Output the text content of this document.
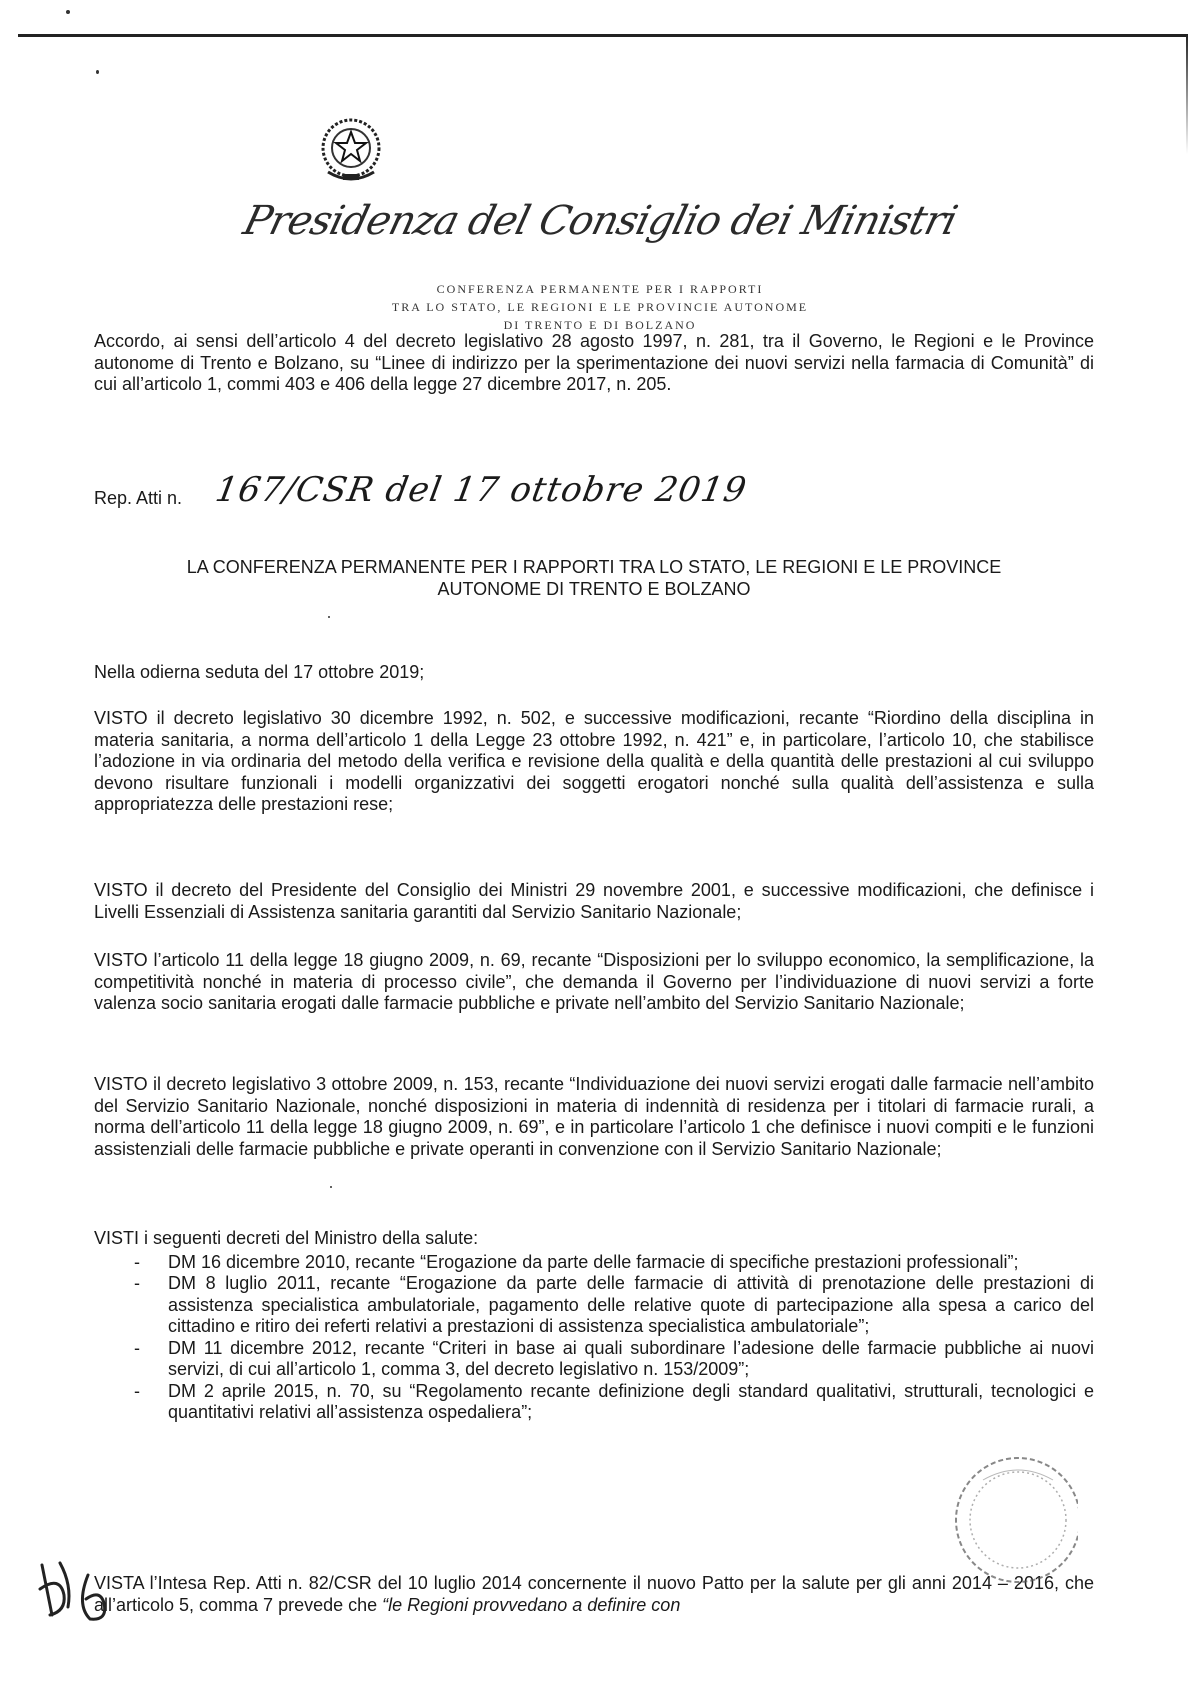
Presidenza del Consiglio dei Ministri
CONFERENZA PERMANENTE PER I RAPPORTI
TRA LO STATO, LE REGIONI E LE PROVINCIE AUTONOME
DI TRENTO E DI BOLZANO
Accordo, ai sensi dell’articolo 4 del decreto legislativo 28 agosto 1997, n. 281, tra il Governo, le Regioni e le Province autonome di Trento e Bolzano, su “Linee di indirizzo per la sperimentazione dei nuovi servizi nella farmacia di Comunità” di cui all’articolo 1, commi 403 e 406 della legge 27 dicembre 2017, n. 205.
Rep. Atti n. 167/CSR del 17 ottobre 2019
LA CONFERENZA PERMANENTE PER I RAPPORTI TRA LO STATO, LE REGIONI E LE PROVINCE
AUTONOME DI TRENTO E BOLZANO
Nella odierna seduta del 17 ottobre 2019;
VISTO il decreto legislativo 30 dicembre 1992, n. 502, e successive modificazioni, recante “Riordino della disciplina in materia sanitaria, a norma dell’articolo 1 della Legge 23 ottobre 1992, n. 421” e, in particolare, l’articolo 10, che stabilisce l’adozione in via ordinaria del metodo della verifica e revisione della qualità e della quantità delle prestazioni al cui sviluppo devono risultare funzionali i modelli organizzativi dei soggetti erogatori nonché sulla qualità dell’assistenza e sulla appropriatezza delle prestazioni rese;
VISTO il decreto del Presidente del Consiglio dei Ministri 29 novembre 2001, e successive modificazioni, che definisce i Livelli Essenziali di Assistenza sanitaria garantiti dal Servizio Sanitario Nazionale;
VISTO l’articolo 11 della legge 18 giugno 2009, n. 69, recante “Disposizioni per lo sviluppo economico, la semplificazione, la competitività nonché in materia di processo civile”, che demanda il Governo per l’individuazione di nuovi servizi a forte valenza socio sanitaria erogati dalle farmacie pubbliche e private nell’ambito del Servizio Sanitario Nazionale;
VISTO il decreto legislativo 3 ottobre 2009, n. 153, recante “Individuazione dei nuovi servizi erogati dalle farmacie nell’ambito del Servizio Sanitario Nazionale, nonché disposizioni in materia di indennità di residenza per i titolari di farmacie rurali, a norma dell’articolo 11 della legge 18 giugno 2009, n. 69”, e in particolare l’articolo 1 che definisce i nuovi compiti e le funzioni assistenziali delle farmacie pubbliche e private operanti in convenzione con il Servizio Sanitario Nazionale;
VISTI i seguenti decreti del Ministro della salute:
- DM 16 dicembre 2010, recante “Erogazione da parte delle farmacie di specifiche prestazioni professionali”;
- DM 8 luglio 2011, recante “Erogazione da parte delle farmacie di attività di prenotazione delle prestazioni di assistenza specialistica ambulatoriale, pagamento delle relative quote di partecipazione alla spesa a carico del cittadino e ritiro dei referti relativi a prestazioni di assistenza specialistica ambulatoriale”;
- DM 11 dicembre 2012, recante “Criteri in base ai quali subordinare l’adesione delle farmacie pubbliche ai nuovi servizi, di cui all’articolo 1, comma 3, del decreto legislativo n. 153/2009”;
- DM 2 aprile 2015, n. 70, su “Regolamento recante definizione degli standard qualitativi, strutturali, tecnologici e quantitativi relativi all’assistenza ospedaliera”;
VISTA l’Intesa Rep. Atti n. 82/CSR del 10 luglio 2014 concernente il nuovo Patto per la salute per gli anni 2014 – 2016, che all’articolo 5, comma 7 prevede che “le Regioni provvedano a definire con
